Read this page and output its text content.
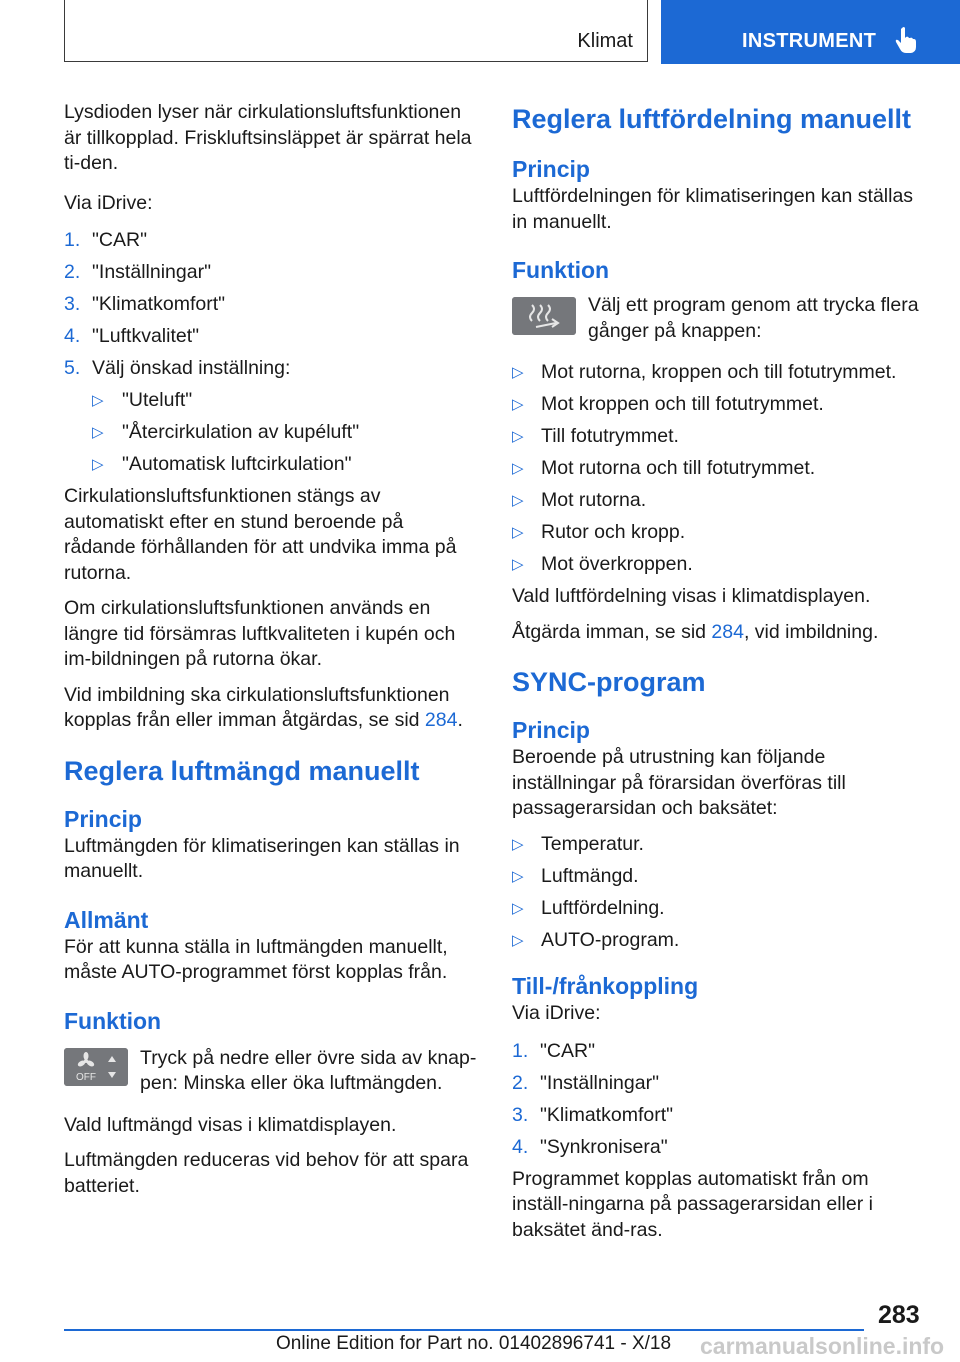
Klimat	INSTRUMENT

Lysdioden lyser när cirkulationsluftsfunktionen är tillkopplad. Friskluftsinsläppet är spärrat hela ti-den.

Via iDrive:

1. "CAR"
2. "Inställningar"
3. "Klimatkomfort"
4. "Luftkvalitet"
5. Välj önskad inställning:
▷ "Uteluft"
▷ "Återcirkulation av kupéluft"
▷ "Automatisk luftcirkulation"

Cirkulationsluftsfunktionen stängs av automatiskt efter en stund beroende på rådande förhållanden för att undvika imma på rutorna.

Om cirkulationsluftsfunktionen används en längre tid försämras luftkvaliteten i kupén och im-bildningen på rutorna ökar.

Vid imbildning ska cirkulationsluftsfunktionen kopplas från eller imman åtgärdas, se sid 284.

Reglera luftmängd manuellt
Princip

Luftmängden för klimatiseringen kan ställas in manuellt.

Allmänt

För att kunna ställa in luftmängden manuellt, måste AUTO-programmet först kopplas från.

Funktion
OFF
Tryck på nedre eller övre sida av knap-pen: Minska eller öka luftmängden.

Vald luftmängd visas i klimatdisplayen.

Luftmängden reduceras vid behov för att spara batteriet.

Reglera luftfördelning manuellt
Princip

Luftfördelningen för klimatiseringen kan ställas in manuellt.

Funktion
Välj ett program genom att trycka flera gånger på knappen:
▷ Mot rutorna, kroppen och till fotutrymmet.
▷ Mot kroppen och till fotutrymmet.
▷ Till fotutrymmet.
▷ Mot rutorna och till fotutrymmet.
▷ Mot rutorna.
▷ Rutor och kropp.
▷ Mot överkroppen.

Vald luftfördelning visas i klimatdisplayen.

Åtgärda imman, se sid 284, vid imbildning.

SYNC-program
Princip

Beroende på utrustning kan följande inställningar på förarsidan överföras till passagerarsidan och baksätet:

▷ Temperatur.
▷ Luftmängd.
▷ Luftfördelning.
▷ AUTO-program.
Till-/frånkoppling

Via iDrive:

1. "CAR"
2. "Inställningar"
3. "Klimatkomfort"
4. "Synkronisera"

Programmet kopplas automatiskt från om inställ-ningarna på passagerarsidan eller i baksätet änd-ras.

283
Online Edition for Part no. 01402896741 - X/18 carmanualsonline.info
